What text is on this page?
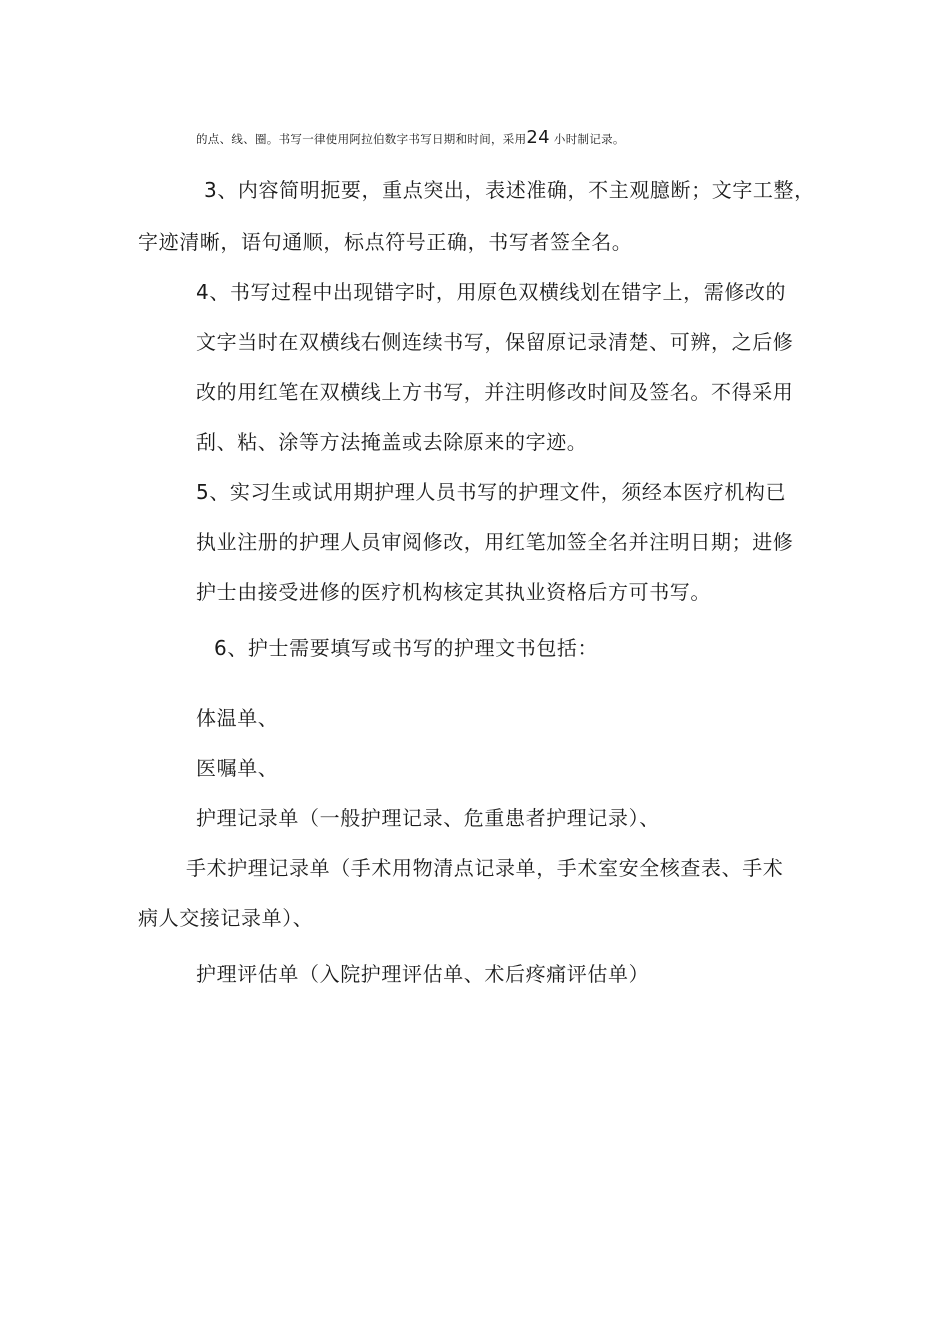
的点、线、圈。书写一律使用阿拉伯数字书写日期和时间，采用24 小时制记录。
3、内容简明扼要，重点突出，表述准确，不主观臆断；文字工整，
字迹清晰，语句通顺，标点符号正确，书写者签全名。
4、书写过程中出现错字时，用原色双横线划在错字上，需修改的
文字当时在双横线右侧连续书写，保留原记录清楚、可辨，之后修
改的用红笔在双横线上方书写，并注明修改时间及签名。不得采用
刮、粘、涂等方法掩盖或去除原来的字迹。
5、实习生或试用期护理人员书写的护理文件，须经本医疗机构已
执业注册的护理人员审阅修改，用红笔加签全名并注明日期；进修
护士由接受进修的医疗机构核定其执业资格后方可书写。
6、护士需要填写或书写的护理文书包括：
体温单、
医嘱单、
护理记录单（一般护理记录、危重患者护理记录）、
手术护理记录单（手术用物清点记录单，手术室安全核查表、手术
病人交接记录单）、
护理评估单（入院护理评估单、术后疼痛评估单）
